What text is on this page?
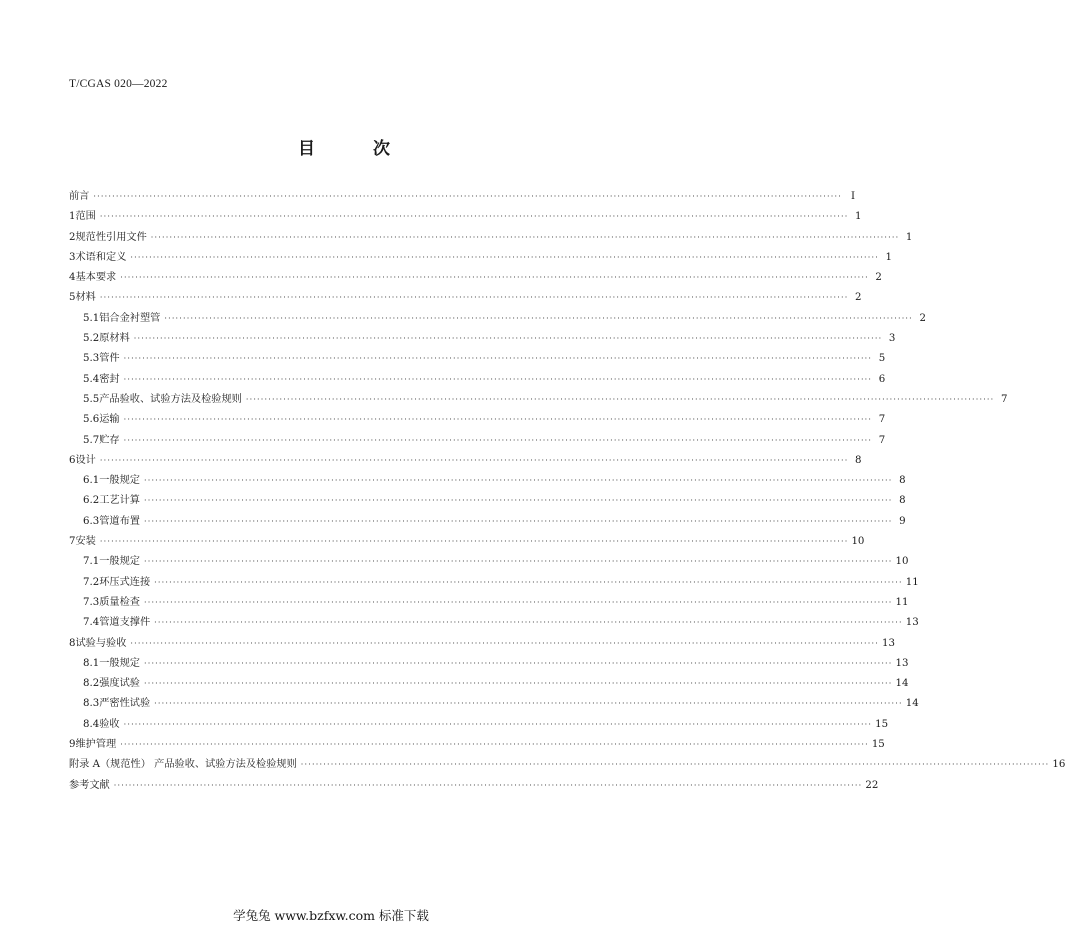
T/CGAS 020—2022
目 次
前言 ········································································································································································································ I
1 范围 ········································································································································································································ 1
2 规范性引用文件 ········································································································································································································ 1
3 术语和定义 ········································································································································································································ 1
4 基本要求 ········································································································································································································ 2
5 材料 ········································································································································································································ 2
5.1 铝合金衬塑管 ········································································································································································································ 2
5.2 原材料 ········································································································································································································ 3
5.3 管件 ········································································································································································································ 5
5.4 密封 ········································································································································································································ 6
5.5 产品验收、试验方法及检验规则 ········································································································································································································ 7
5.6 运输 ········································································································································································································ 7
5.7 贮存 ········································································································································································································ 7
6 设计 ········································································································································································································ 8
6.1 一般规定 ········································································································································································································ 8
6.2 工艺计算 ········································································································································································································ 8
6.3 管道布置 ········································································································································································································ 9
7 安装 ········································································································································································································ 10
7.1 一般规定 ········································································································································································································ 10
7.2 环压式连接 ········································································································································································································ 11
7.3 质量检查 ········································································································································································································ 11
7.4 管道支撑件 ········································································································································································································ 13
8 试验与验收 ········································································································································································································ 13
8.1 一般规定 ········································································································································································································ 13
8.2 强度试验 ········································································································································································································ 14
8.3 严密性试验 ········································································································································································································ 14
8.4 验收 ········································································································································································································ 15
9 维护管理 ········································································································································································································ 15
附录 A（规范性） 产品验收、试验方法及检验规则 ········································································································································································································ 16
参考文献 ········································································································································································································ 22
学兔兔 www.bzfxw.com 标准下载
